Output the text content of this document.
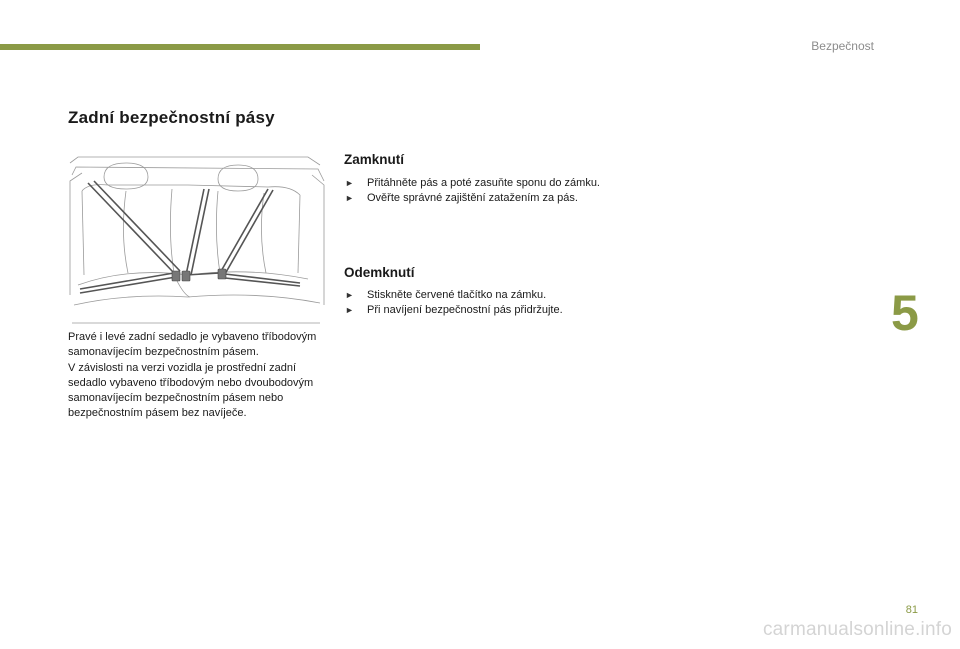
Bezpečnost
Zadní bezpečnostní pásy

Pravé i levé zadní sedadlo je vybaveno tříbodovým samonavíjecím bezpečnostním pásem.

V závislosti na verzi vozidla je prostřední zadní sedadlo vybaveno tříbodovým nebo dvoubodovým samonavíjecím bezpečnostním pásem nebo bezpečnostním pásem bez navíječe.

Zamknutí
► Přitáhněte pás a poté zasuňte sponu do zámku.
► Ověřte správné zajištění zatažením za pás.
Odemknutí
► Stiskněte červené tlačítko na zámku.
► Při navíjení bezpečnostní pás přidržujte.	5
81
carmanualsonline.info
